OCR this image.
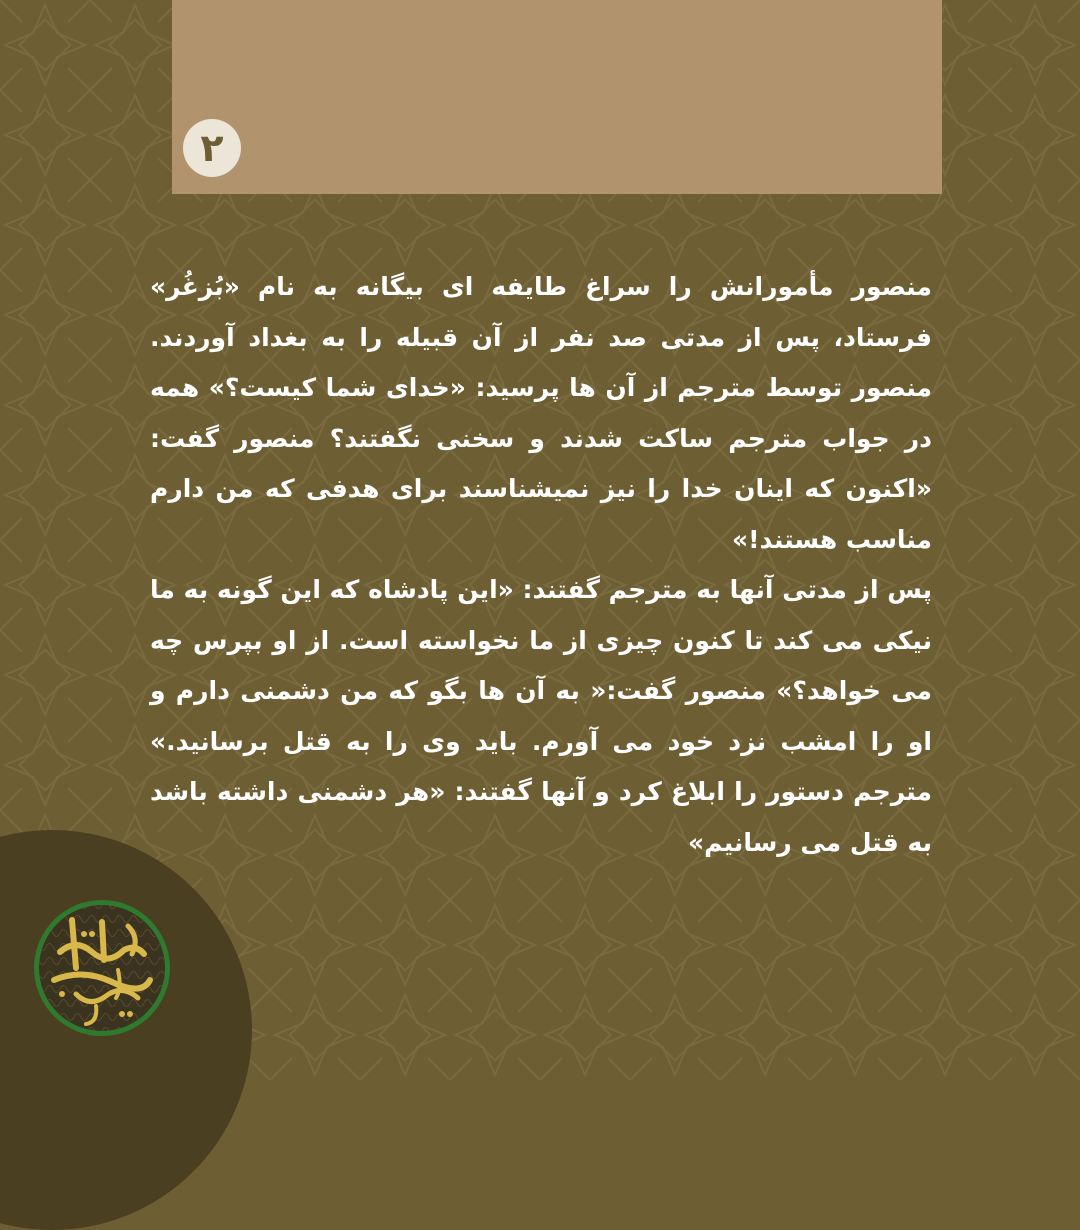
۲

منصور مأمورانش را سراغ طایفه ای بیگانه به نام «بُزغُر» فرستاد، پس از مدتی صد نفر از آن قبیله را به بغداد آوردند. منصور توسط مترجم از آن ها پرسید: «خدای شما کیست؟» همه در جواب مترجم ساکت شدند و سخنی نگفتند؟ منصور گفت: «اکنون که اینان خدا را نیز نمیشناسند برای هدفی که من دارم مناسب هستند!»

پس از مدتی آنها به مترجم گفتند: «این پادشاه که این گونه به ما نیکی می کند تا کنون چیزی از ما نخواسته است. از او بپرس چه می خواهد؟» منصور گفت:« به آن ها بگو که من دشمنی دارم و او را امشب نزد خود می آورم. باید وی را به قتل برسانید.» مترجم دستور را ابلاغ کرد و آنها گفتند: «هر دشمنی داشته باشد به قتل می رسانیم»
